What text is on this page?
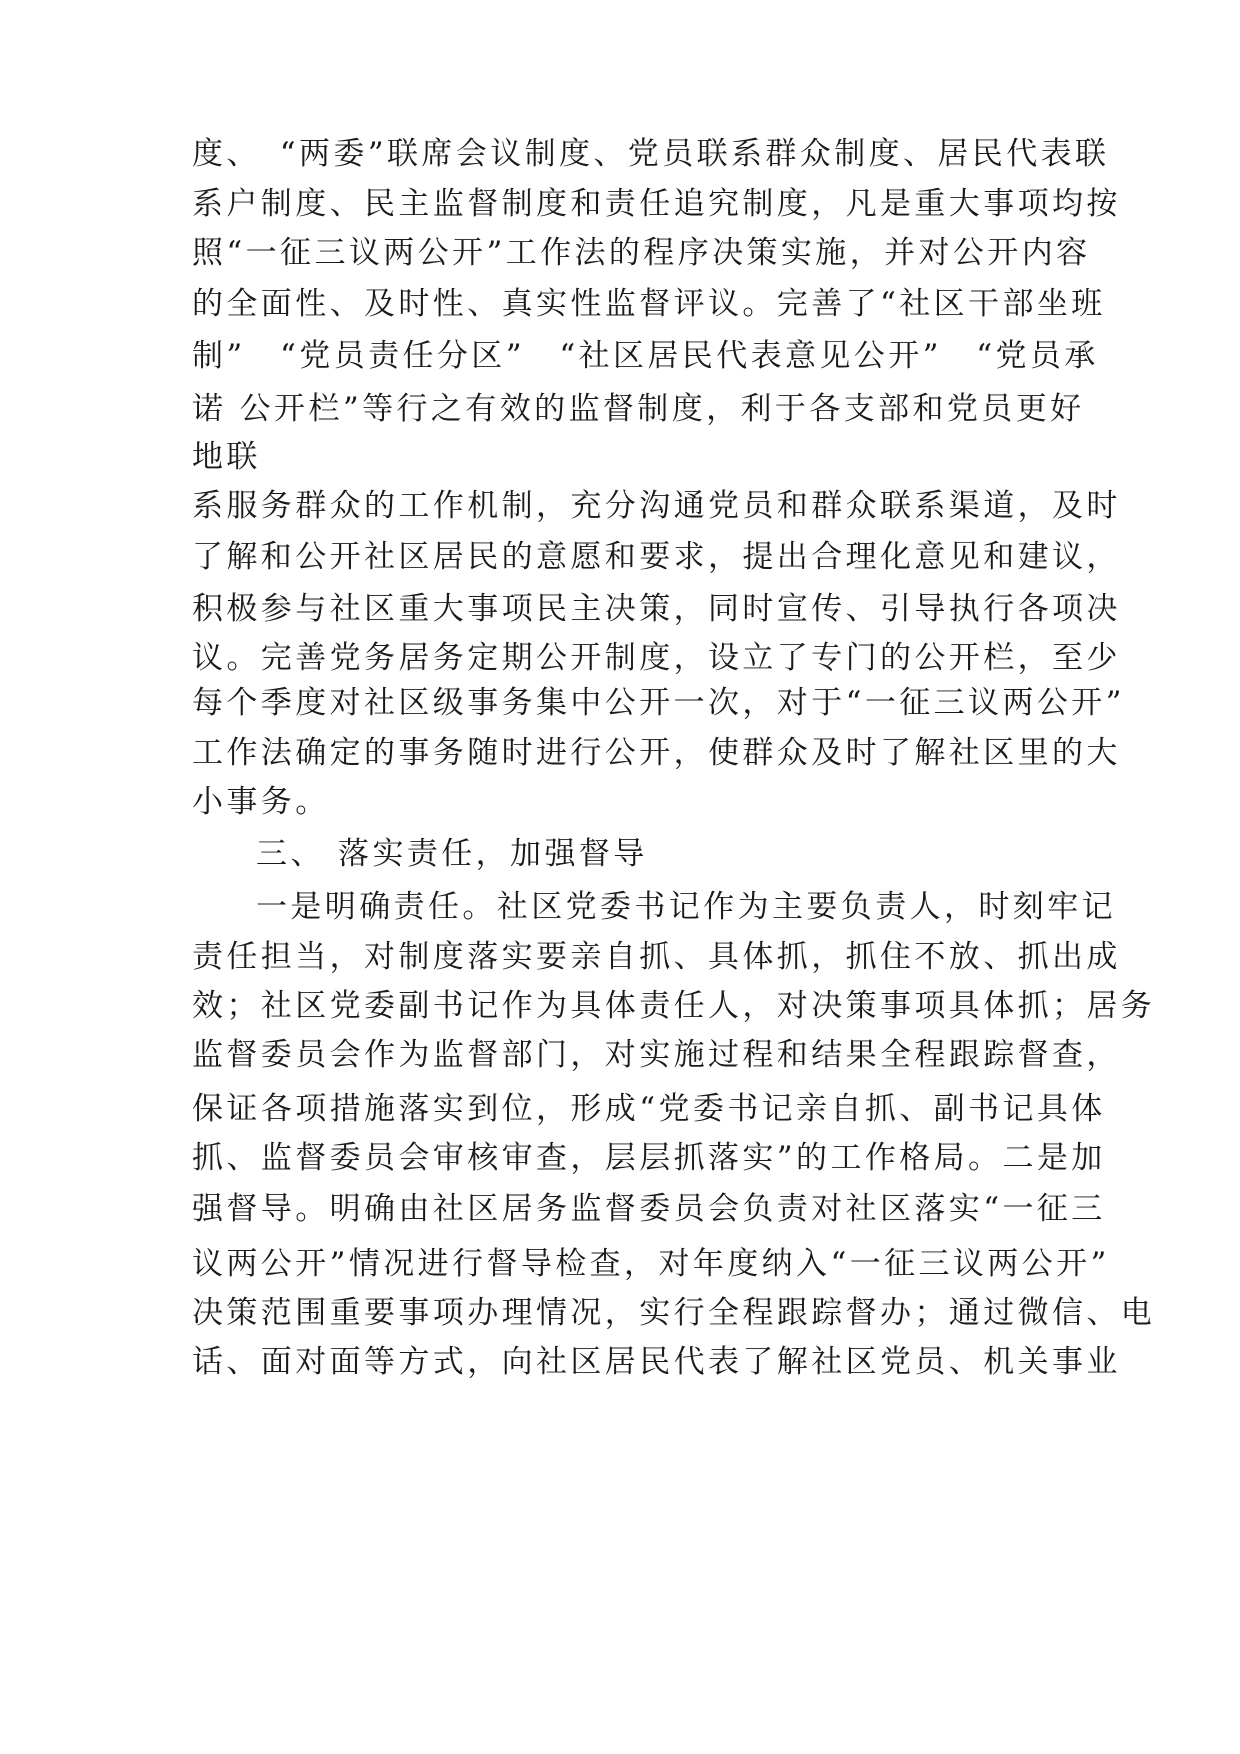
度、　“两委”联席会议制度、党员联系群众制度、居民代表联
系户制度、民主监督制度和责任追究制度，凡是重大事项均按
照“一征三议两公开”工作法的程序决策实施，并对公开内容
的全面性、及时性、真实性监督评议。完善了“社区干部坐班
制”　“党员责任分区”　“社区居民代表意见公开”　“党员承
诺 公开栏”等行之有效的监督制度，利于各支部和党员更好
地联
系服务群众的工作机制，充分沟通党员和群众联系渠道，及时
了解和公开社区居民的意愿和要求，提出合理化意见和建议，
积极参与社区重大事项民主决策，同时宣传、引导执行各项决
议。完善党务居务定期公开制度，设立了专门的公开栏，至少
每个季度对社区级事务集中公开一次，对于“一征三议两公开”
工作法确定的事务随时进行公开，使群众及时了解社区里的大
小事务。
三、 落实责任，加强督导
一是明确责任。社区党委书记作为主要负责人，时刻牢记
责任担当，对制度落实要亲自抓、具体抓，抓住不放、抓出成
效；社区党委副书记作为具体责任人，对决策事项具体抓；居务
监督委员会作为监督部门，对实施过程和结果全程跟踪督查，
保证各项措施落实到位，形成“党委书记亲自抓、副书记具体
抓、监督委员会审核审查，层层抓落实”的工作格局。二是加
强督导。明确由社区居务监督委员会负责对社区落实“一征三
议两公开”情况进行督导检查，对年度纳入“一征三议两公开”
决策范围重要事项办理情况，实行全程跟踪督办；通过微信、电
话、面对面等方式，向社区居民代表了解社区党员、机关事业
